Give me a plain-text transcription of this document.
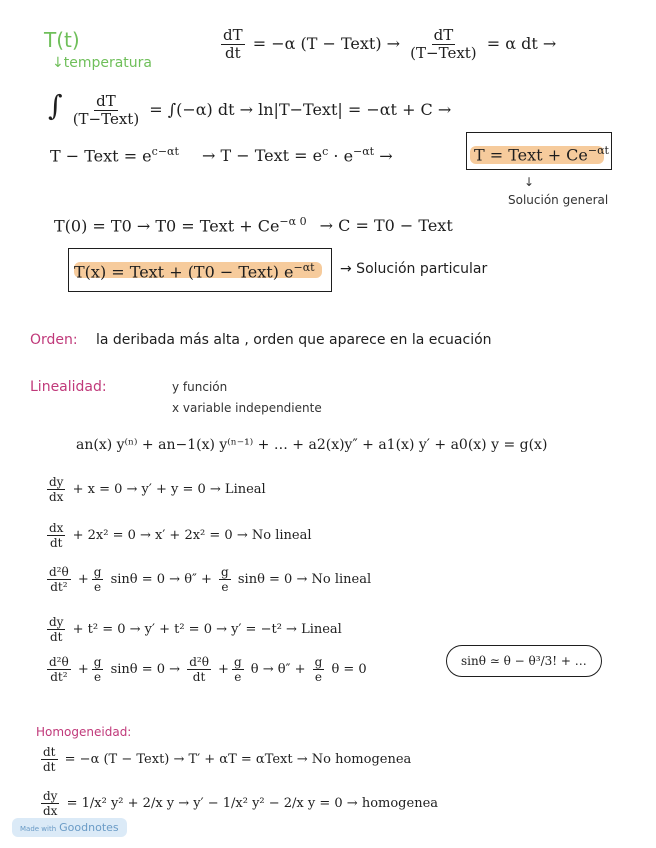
T(t)
↓temperatura
$\frac{dT}{dt} = -\alpha$ (T − Text) → $\frac{dT}{\text{(T−Text)}} = \alpha$ dt →
∫ $\frac{dT}{\text{(T−Text)}} = \int(-\alpha)$ dt → ln|T−Text| = −αt + C →
T − Text = $e^{c-\alpha t} \to T$ − Text = $e^c \cdot e^{-\alpha t}$ →	T = Text + $Ce^{-\alpha t}$
↓
Solución general
T(0) = T0 → T0 = Text + $Ce^{-\alpha 0} \to C = T0$ − Text
T(x) = Text + (T0 − Text) $e^{-\alpha t}$ → Solución particular
Orden: la deribada más alta , orden que aparece en la ecuación
Linealidad:	y función
x variable independiente
an(x) y⁽ⁿ⁾ + an−1(x) y⁽ⁿ⁻¹⁾ + … + a2(x)y″ + a1(x) y′ + a0(x) y = g(x)
$\frac{dy}{dx} + x = 0 \to y' + y = 0$ → Lineal
$\frac{dx}{dt} + 2x^2 = 0 \to x' + 2x^2 = 0 \to No$ lineal
$\frac{\text{d²θ}}{\text{dt²}} + \frac{g}{e}$ $\sin\theta = 0 \to \theta'' + \frac{g}{e}$ sinθ = 0 → No lineal
$\frac{dy}{dt} + t^2 = 0 \to y' + t^2 = 0 \to y' = -t^2$ → Lineal
$\frac{\text{d²θ}}{\text{dt²}} + \frac{g}{e}$ $\sin\theta = 0 \to \frac{\text{d²θ}}{dt} + \frac{g}{e}$ $\theta \to \theta'' + \frac{g}{e}$ θ = 0
sinθ ≃ θ − θ³/3! + …
Homogeneidad:
$\frac{dt}{dt} = -\alpha$ (T − Text) → T′ + αT = αText → No homogenea
$\frac{dy}{dx} = 1/x^2$ y² + 2/x y → y′ − 1/x² y² − 2/x y = 0 → homogenea
Made with Goodnotes
